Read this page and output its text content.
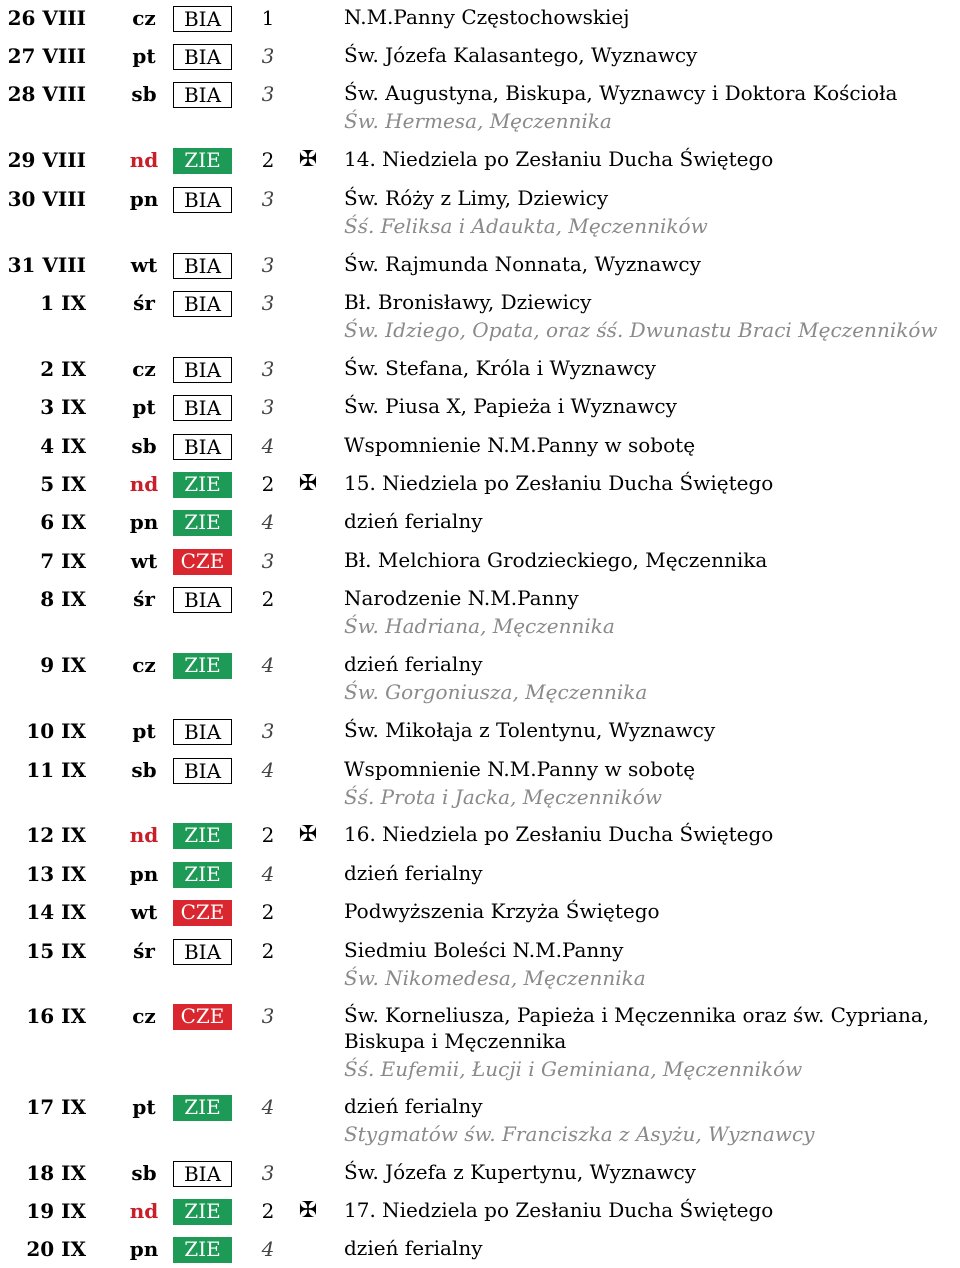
26 VIII	cz	BIA	1	N.M.Panny Częstochowskiej
27 VIII	pt	BIA	3	Św. Józefa Kalasantego, Wyznawcy
28 VIII	sb	BIA	3	Św. Augustyna, Biskupa, Wyznawcy i Doktora Kościoła
Św. Hermesa, Męczennika
29 VIII	nd	ZIE	2 ✠ 14. Niedziela po Zesłaniu Ducha Świętego
30 VIII	pn	BIA	3	Św. Róży z Limy, Dziewicy
Śś. Feliksa i Adaukta, Męczenników
31 VIII	wt	BIA	3	Św. Rajmunda Nonnata, Wyznawcy
1 IX	śr	BIA	3	Bł. Bronisławy, Dziewicy
Św. Idziego, Opata, oraz śś. Dwunastu Braci Męczenników
2 IX	cz	BIA	3	Św. Stefana, Króla i Wyznawcy
3 IX	pt	BIA	3	Św. Piusa X, Papieża i Wyznawcy
4 IX	sb	BIA	4	Wspomnienie N.M.Panny w sobotę
5 IX	nd	ZIE	2 ✠ 15. Niedziela po Zesłaniu Ducha Świętego
6 IX	pn	ZIE	4	dzień ferialny
7 IX	wt	CZE	3	Bł. Melchiora Grodzieckiego, Męczennika
8 IX	śr	BIA	2	Narodzenie N.M.Panny
Św. Hadriana, Męczennika
9 IX	cz	ZIE	4	dzień ferialny
Św. Gorgoniusza, Męczennika
10 IX	pt	BIA	3	Św. Mikołaja z Tolentynu, Wyznawcy
11 IX	sb	BIA	4	Wspomnienie N.M.Panny w sobotę
Śś. Prota i Jacka, Męczenników
12 IX	nd	ZIE	2 ✠ 16. Niedziela po Zesłaniu Ducha Świętego
13 IX	pn	ZIE	4	dzień ferialny
14 IX	wt	CZE	2	Podwyższenia Krzyża Świętego
15 IX	śr	BIA	2	Siedmiu Boleści N.M.Panny
Św. Nikomedesa, Męczennika
16 IX	cz	CZE	3	Św. Korneliusza, Papieża i Męczennika oraz św. Cypriana, Biskupa i Męczennika
Śś. Eufemii, Łucji i Geminiana, Męczenników
17 IX	pt	ZIE	4	dzień ferialny
Stygmatów św. Franciszka z Asyżu, Wyznawcy
18 IX	sb	BIA	3	Św. Józefa z Kupertynu, Wyznawcy
19 IX	nd	ZIE	2 ✠ 17. Niedziela po Zesłaniu Ducha Świętego
20 IX	pn	ZIE	4	dzień ferialny
